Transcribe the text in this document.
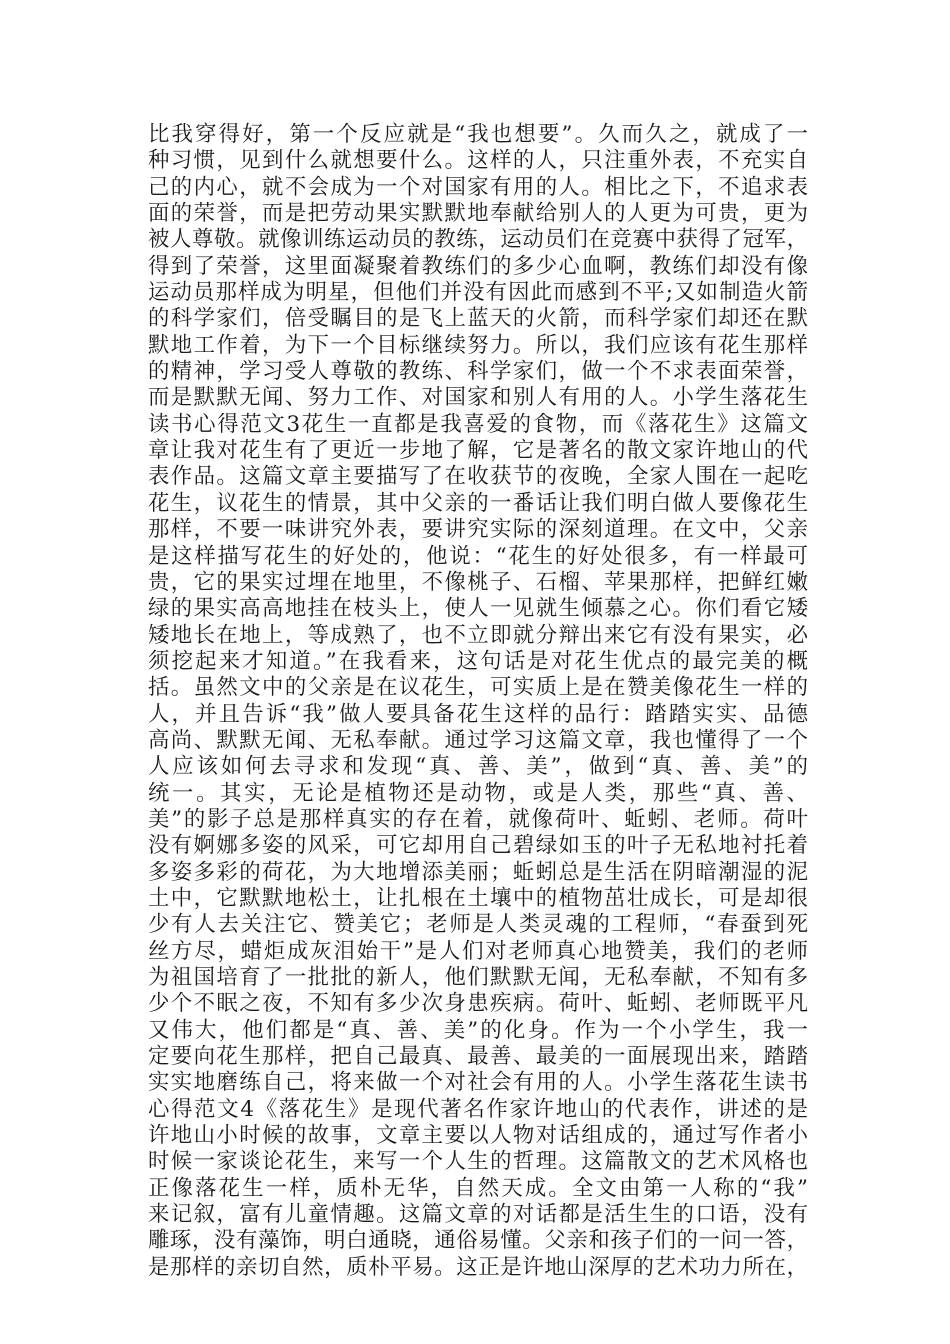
比我穿得好，第一个反应就是“我也想要”。久而久之，就成了一
种习惯，见到什么就想要什么。这样的人，只注重外表，不充实自
己的内心，就不会成为一个对国家有用的人。相比之下，不追求表
面的荣誉，而是把劳动果实默默地奉献给别人的人更为可贵，更为
被人尊敬。就像训练运动员的教练，运动员们在竞赛中获得了冠军，
得到了荣誉，这里面凝聚着教练们的多少心血啊，教练们却没有像
运动员那样成为明星，但他们并没有因此而感到不平;又如制造火箭
的科学家们，倍受瞩目的是飞上蓝天的火箭，而科学家们却还在默
默地工作着，为下一个目标继续努力。所以，我们应该有花生那样
的精神，学习受人尊敬的教练、科学家们，做一个不求表面荣誉，
而是默默无闻、努力工作、对国家和别人有用的人。小学生落花生
读书心得范文3花生一直都是我喜爱的食物，而《落花生》这篇文
章让我对花生有了更近一步地了解，它是著名的散文家许地山的代
表作品。这篇文章主要描写了在收获节的夜晚，全家人围在一起吃
花生，议花生的情景，其中父亲的一番话让我们明白做人要像花生
那样，不要一味讲究外表，要讲究实际的深刻道理。在文中，父亲
是这样描写花生的好处的，他说：“花生的好处很多，有一样最可
贵，它的果实过埋在地里，不像桃子、石榴、苹果那样，把鲜红嫩
绿的果实高高地挂在枝头上，使人一见就生倾慕之心。你们看它矮
矮地长在地上，等成熟了，也不立即就分辩出来它有没有果实，必
须挖起来才知道。”在我看来，这句话是对花生优点的最完美的概
括。虽然文中的父亲是在议花生，可实质上是在赞美像花生一样的
人，并且告诉“我”做人要具备花生这样的品行：踏踏实实、品德
高尚、默默无闻、无私奉献。通过学习这篇文章，我也懂得了一个
人应该如何去寻求和发现“真、善、美”，做到“真、善、美”的
统一。其实，无论是植物还是动物，或是人类，那些“真、善、
美”的影子总是那样真实的存在着，就像荷叶、蚯蚓、老师。荷叶
没有婀娜多姿的风采，可它却用自己碧绿如玉的叶子无私地衬托着
多姿多彩的荷花，为大地增添美丽；蚯蚓总是生活在阴暗潮湿的泥
土中，它默默地松土，让扎根在土壤中的植物茁壮成长，可是却很
少有人去关注它、赞美它；老师是人类灵魂的工程师，“春蚕到死
丝方尽，蜡炬成灰泪始干”是人们对老师真心地赞美，我们的老师
为祖国培育了一批批的新人，他们默默无闻，无私奉献，不知有多
少个不眠之夜，不知有多少次身患疾病。荷叶、蚯蚓、老师既平凡
又伟大，他们都是“真、善、美”的化身。作为一个小学生，我一
定要向花生那样，把自己最真、最善、最美的一面展现出来，踏踏
实实地磨练自己，将来做一个对社会有用的人。小学生落花生读书
心得范文4《落花生》是现代著名作家许地山的代表作，讲述的是
许地山小时候的故事，文章主要以人物对话组成的，通过写作者小
时候一家谈论花生，来写一个人生的哲理。这篇散文的艺术风格也
正像落花生一样，质朴无华，自然天成。全文由第一人称的“我”
来记叙，富有儿童情趣。这篇文章的对话都是活生生的口语，没有
雕琢，没有藻饰，明白通晓，通俗易懂。父亲和孩子们的一问一答，
是那样的亲切自然，质朴平易。这正是许地山深厚的艺术功力所在，
